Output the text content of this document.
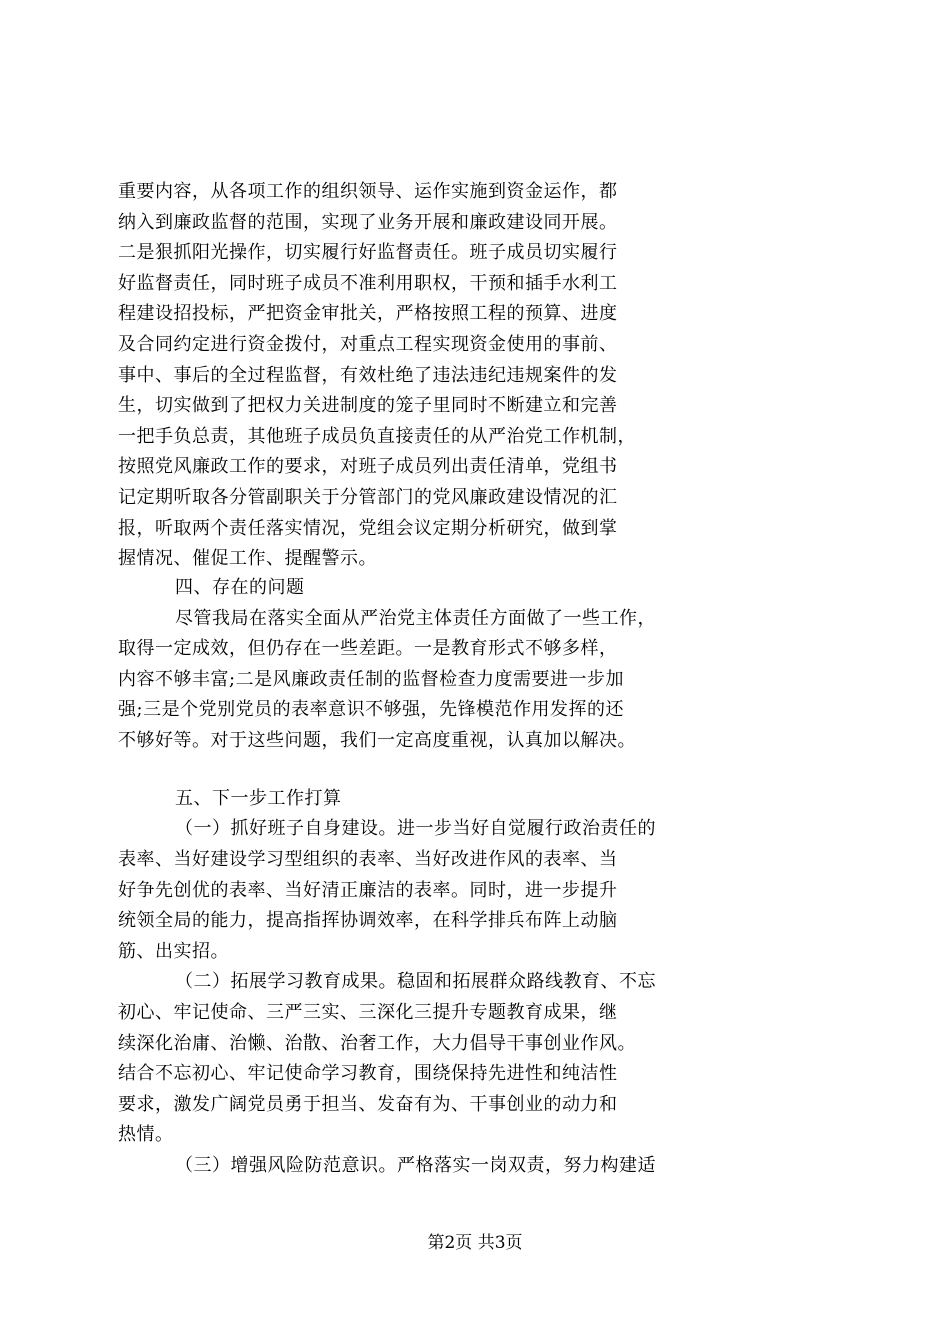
重要内容，从各项工作的组织领导、运作实施到资金运作，都
纳入到廉政监督的范围，实现了业务开展和廉政建设同开展。
二是狠抓阳光操作，切实履行好监督责任。班子成员切实履行
好监督责任，同时班子成员不准利用职权，干预和插手水利工
程建设招投标，严把资金审批关，严格按照工程的预算、进度
及合同约定进行资金拨付，对重点工程实现资金使用的事前、
事中、事后的全过程监督，有效杜绝了违法违纪违规案件的发
生，切实做到了把权力关进制度的笼子里同时不断建立和完善
一把手负总责，其他班子成员负直接责任的从严治党工作机制，
按照党风廉政工作的要求，对班子成员列出责任清单，党组书
记定期听取各分管副职关于分管部门的党风廉政建设情况的汇
报，听取两个责任落实情况，党组会议定期分析研究，做到掌
握情况、催促工作、提醒警示。
四、存在的问题
尽管我局在落实全面从严治党主体责任方面做了一些工作，
取得一定成效，但仍存在一些差距。一是教育形式不够多样，
内容不够丰富;二是风廉政责任制的监督检查力度需要进一步加
强;三是个党别党员的表率意识不够强，先锋模范作用发挥的还
不够好等。对于这些问题，我们一定高度重视，认真加以解决。
五、下一步工作打算
（一）抓好班子自身建设。进一步当好自觉履行政治责任的
表率、当好建设学习型组织的表率、当好改进作风的表率、当
好争先创优的表率、当好清正廉洁的表率。同时，进一步提升
统领全局的能力，提高指挥协调效率，在科学排兵布阵上动脑
筋、出实招。
（二）拓展学习教育成果。稳固和拓展群众路线教育、不忘
初心、牢记使命、三严三实、三深化三提升专题教育成果，继
续深化治庸、治懒、治散、治奢工作，大力倡导干事创业作风。
结合不忘初心、牢记使命学习教育，围绕保持先进性和纯洁性
要求，激发广阔党员勇于担当、发奋有为、干事创业的动力和
热情。
（三）增强风险防范意识。严格落实一岗双责，努力构建适
第2页 共3页
